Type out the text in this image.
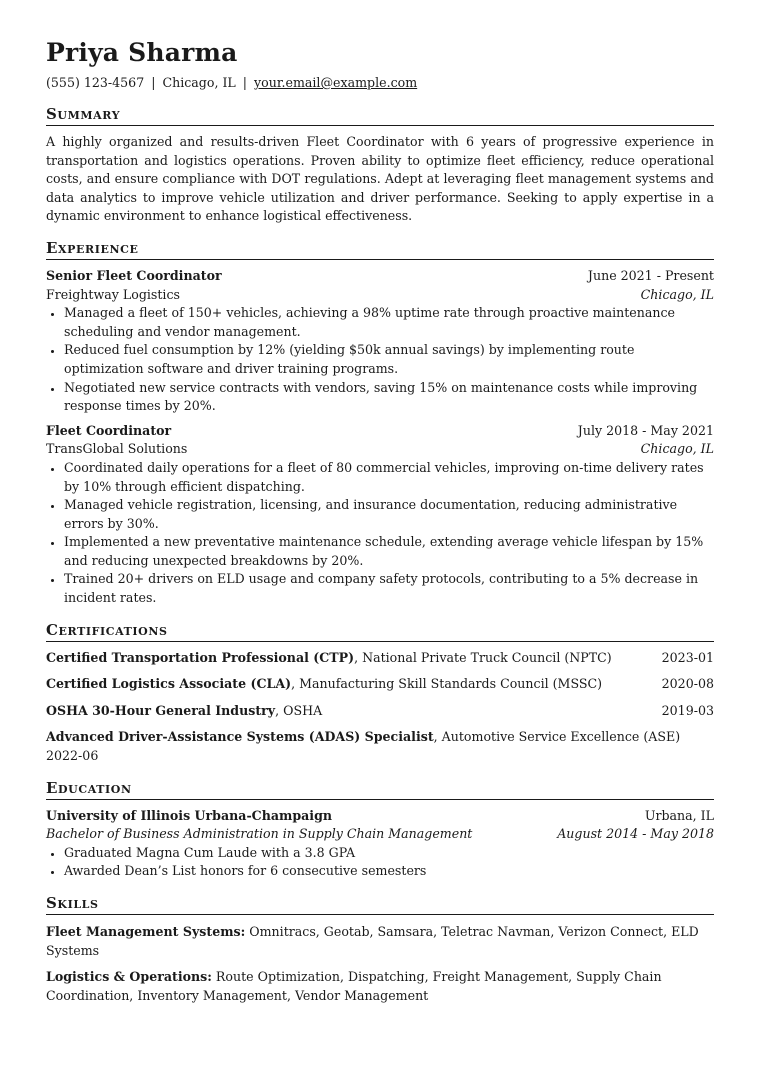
Priya Sharma
(555) 123-4567 | Chicago, IL | your.email@example.com
Summary
A highly organized and results-driven Fleet Coordinator with 6 years of progressive experience in transportation and logistics operations. Proven ability to optimize fleet efficiency, reduce operational costs, and ensure compliance with DOT regulations. Adept at leveraging fleet management systems and data analytics to improve vehicle utilization and driver performance. Seeking to apply expertise in a dynamic environment to enhance logistical effectiveness.
Experience
Senior Fleet Coordinator	June 2021 - Present
Freightway Logistics	Chicago, IL
• Managed a fleet of 150+ vehicles, achieving a 98% uptime rate through proactive maintenance scheduling and vendor management.
• Reduced fuel consumption by 12% (yielding $50k annual savings) by implementing route optimization software and driver training programs.
• Negotiated new service contracts with vendors, saving 15% on maintenance costs while improving response times by 20%.
Fleet Coordinator	July 2018 - May 2021
TransGlobal Solutions	Chicago, IL
• Coordinated daily operations for a fleet of 80 commercial vehicles, improving on-time delivery rates by 10% through efficient dispatching.
• Managed vehicle registration, licensing, and insurance documentation, reducing administrative errors by 30%.
• Implemented a new preventative maintenance schedule, extending average vehicle lifespan by 15% and reducing unexpected breakdowns by 20%.
• Trained 20+ drivers on ELD usage and company safety protocols, contributing to a 5% decrease in incident rates.
Certifications
Certified Transportation Professional (CTP), National Private Truck Council (NPTC)	2023-01
Certified Logistics Associate (CLA), Manufacturing Skill Standards Council (MSSC)	2020-08
OSHA 30-Hour General Industry, OSHA	2019-03
Advanced Driver-Assistance Systems (ADAS) Specialist, Automotive Service Excellence (ASE)
2022-06
Education
University of Illinois Urbana-Champaign	Urbana, IL
Bachelor of Business Administration in Supply Chain Management	August 2014 - May 2018
• Graduated Magna Cum Laude with a 3.8 GPA
• Awarded Dean’s List honors for 6 consecutive semesters
Skills
Fleet Management Systems: Omnitracs, Geotab, Samsara, Teletrac Navman, Verizon Connect, ELD Systems
Logistics & Operations: Route Optimization, Dispatching, Freight Management, Supply Chain Coordination, Inventory Management, Vendor Management
